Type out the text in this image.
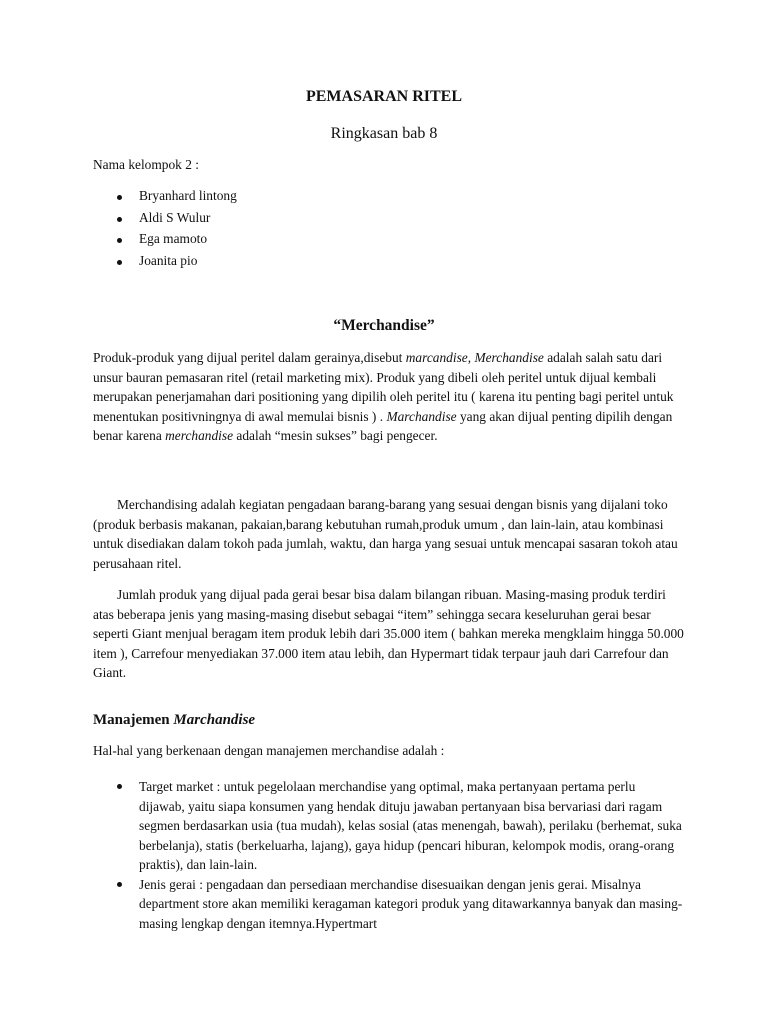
PEMASARAN RITEL
Ringkasan bab 8
Nama kelompok 2 :
Bryanhard lintong
Aldi S Wulur
Ega mamoto
Joanita pio
“Merchandise”

Produk-produk yang dijual peritel dalam gerainya,disebut marcandise, Merchandise adalah salah satu dari unsur bauran pemasaran ritel (retail marketing mix). Produk yang dibeli oleh peritel untuk dijual kembali merupakan penerjamahan dari positioning yang dipilih oleh peritel itu ( karena itu penting bagi peritel untuk menentukan positivningnya di awal memulai bisnis ) . Marchandise yang akan dijual penting dipilih dengan benar karena merchandise adalah “mesin sukses” bagi pengecer.

Merchandising adalah kegiatan pengadaan barang-barang yang sesuai dengan bisnis yang dijalani toko (produk berbasis makanan, pakaian,barang kebutuhan rumah,produk umum , dan lain-lain, atau kombinasi untuk disediakan dalam tokoh pada jumlah, waktu, dan harga yang sesuai untuk mencapai sasaran tokoh atau perusahaan ritel.

Jumlah produk yang dijual pada gerai besar bisa dalam bilangan ribuan. Masing-masing produk terdiri atas beberapa jenis yang masing-masing disebut sebagai “item” sehingga secara keseluruhan gerai besar seperti Giant menjual beragam item produk lebih dari 35.000 item ( bahkan mereka mengklaim hingga 50.000 item ), Carrefour menyediakan 37.000 item atau lebih, dan Hypermart tidak terpaur jauh dari Carrefour dan Giant.

Manajemen Marchandise
Hal-hal yang berkenaan dengan manajemen merchandise adalah :
Target market : untuk pegelolaan merchandise yang optimal, maka pertanyaan pertama perlu dijawab, yaitu siapa konsumen yang hendak dituju jawaban pertanyaan bisa bervariasi dari ragam segmen berdasarkan usia (tua mudah), kelas sosial (atas menengah, bawah), perilaku (berhemat, suka berbelanja), statis (berkeluarha, lajang), gaya hidup (pencari hiburan, kelompok modis, orang-orang praktis), dan lain-lain.
Jenis gerai : pengadaan dan persediaan merchandise disesuaikan dengan jenis gerai. Misalnya department store akan memiliki keragaman kategori produk yang ditawarkannya banyak dan masing-masing lengkap dengan itemnya.Hypertmart
